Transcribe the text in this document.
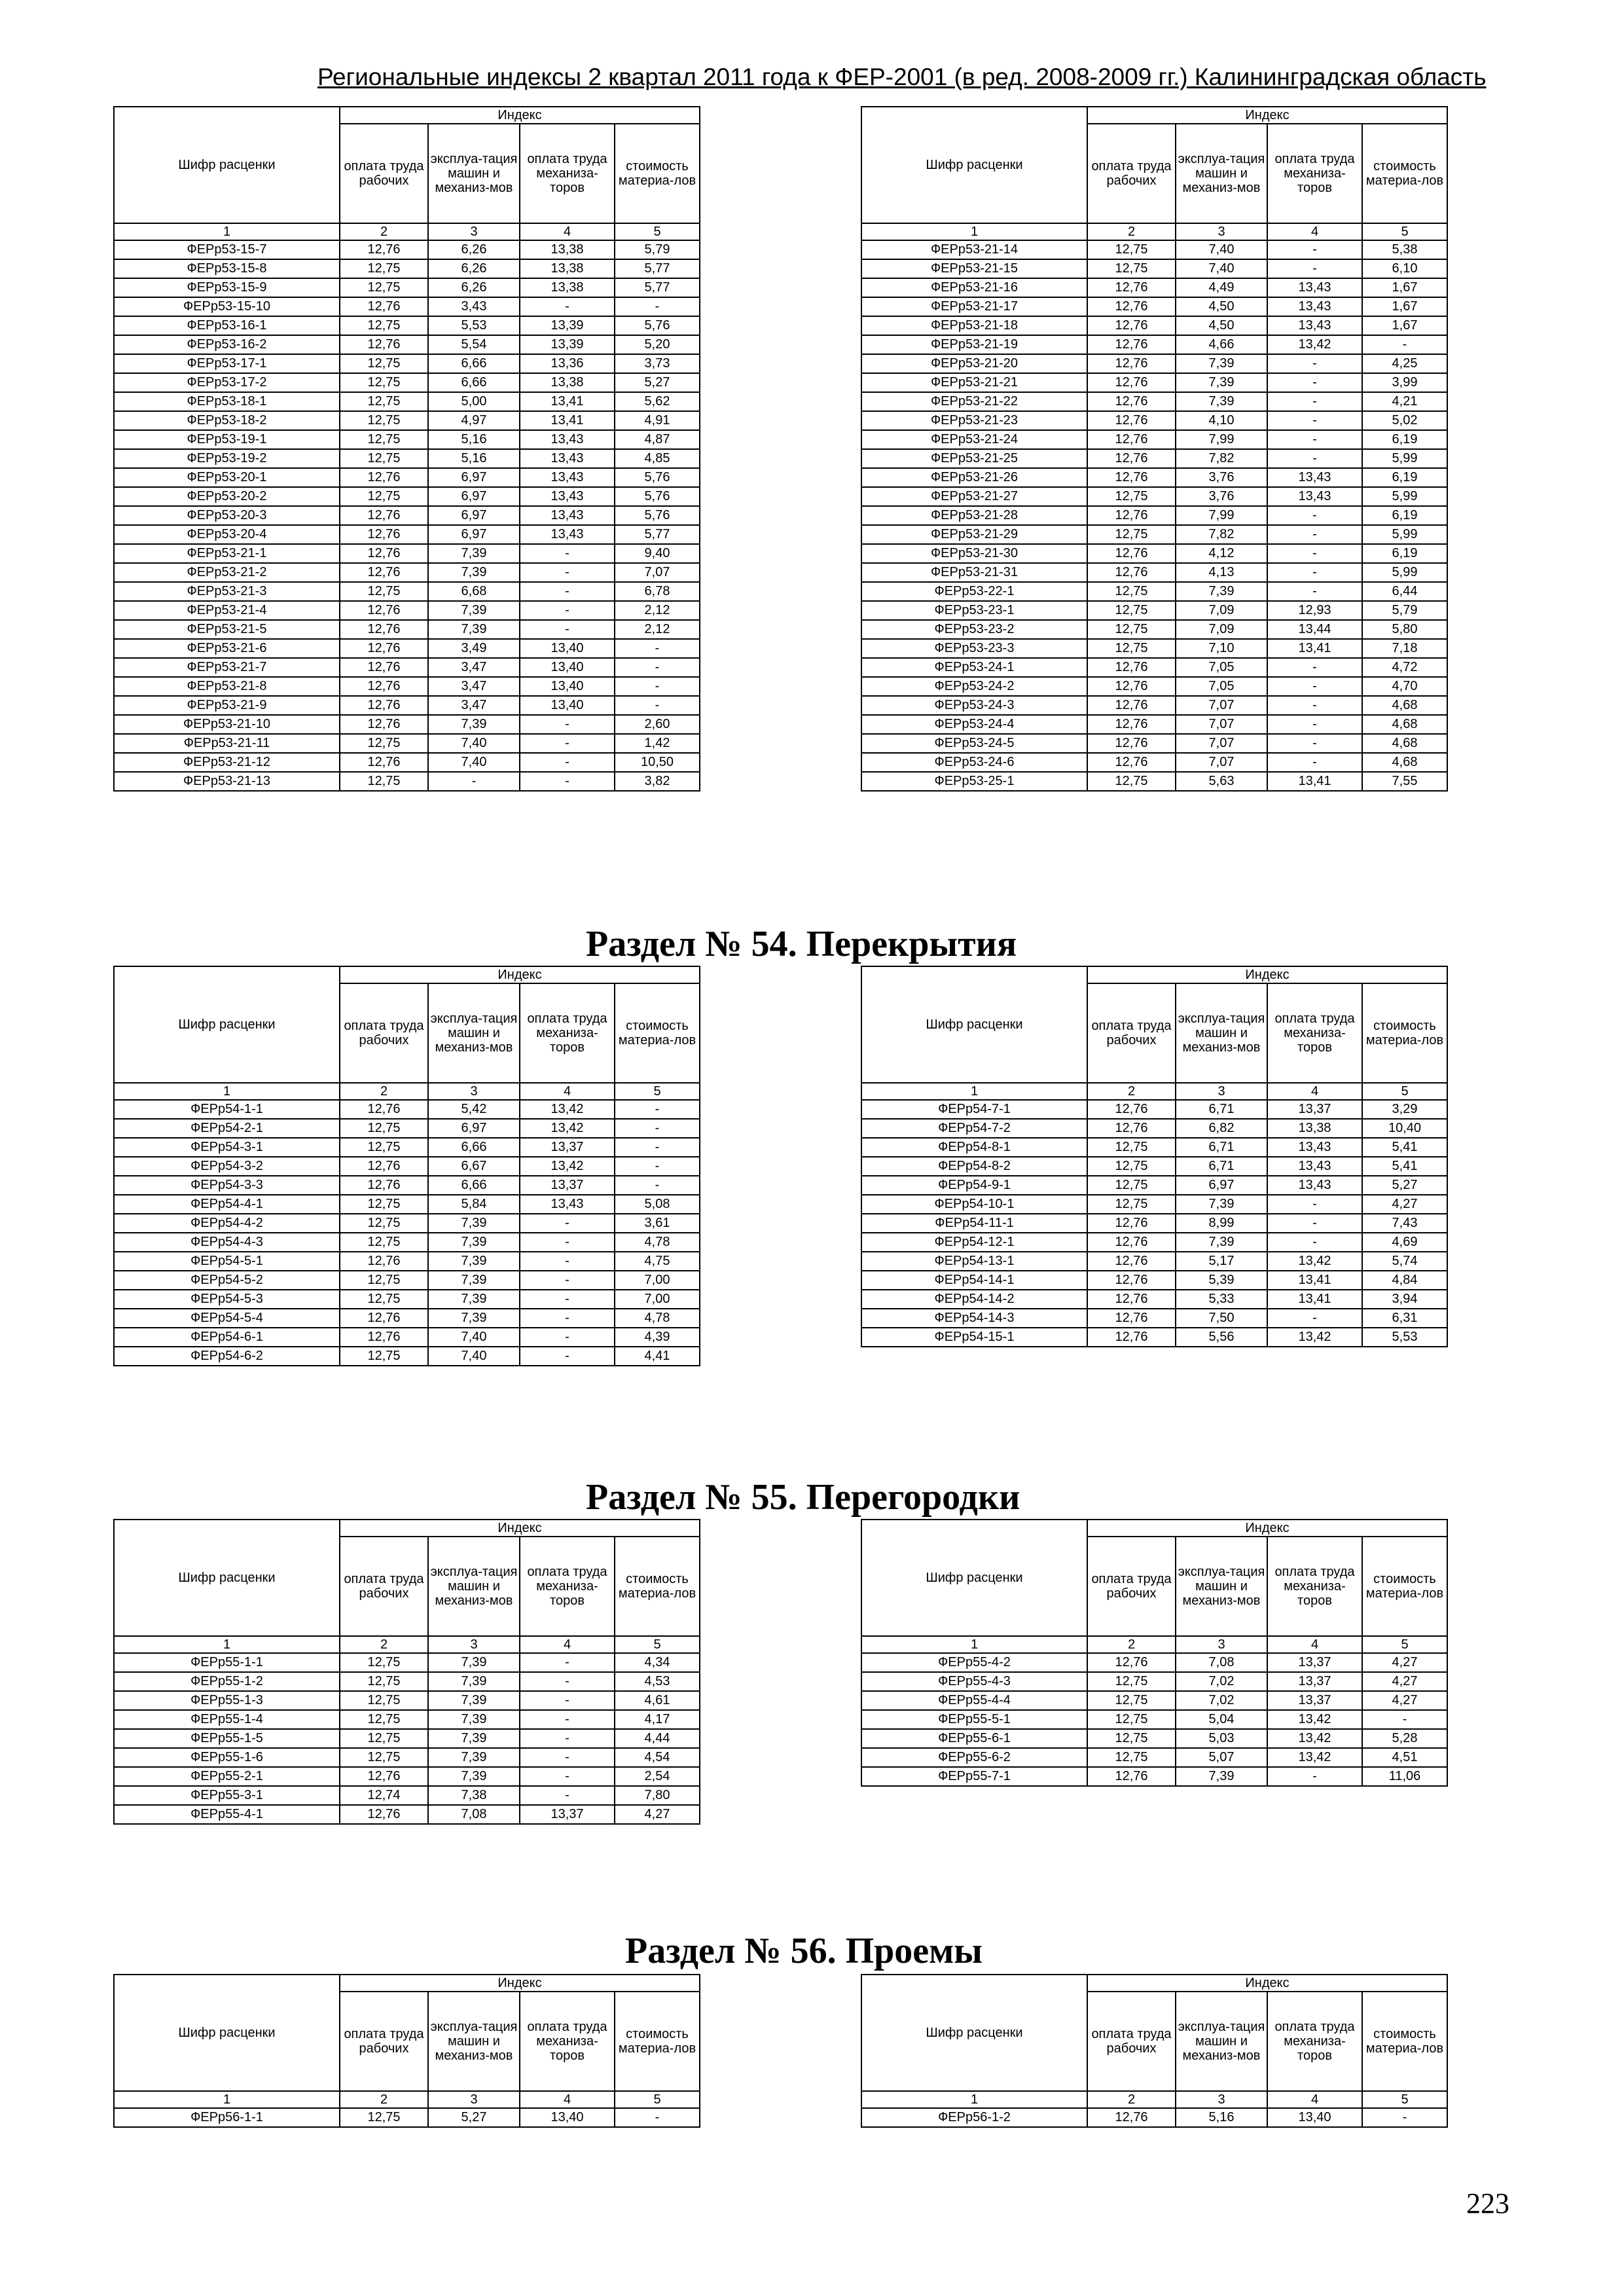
Региональные индексы 2 квартал 2011 года к ФЕР-2001 (в ред. 2008-2009 гг.) Калининградская область
Раздел № 54. Перекрытия
Раздел № 55. Перегородки
Раздел № 56. Проемы
Шифр расценки	Индекс			
	оплата труда рабочих	эксплуа-тация машин и механиз-мов	оплата труда механиза-торов	стоимость материа-лов
1	2	3	4	5
ФЕРр53-15-7	12,76	6,26	13,38	5,79
ФЕРр53-15-8	12,75	6,26	13,38	5,77
ФЕРр53-15-9	12,75	6,26	13,38	5,77
ФЕРр53-15-10	12,76	3,43	-	-
ФЕРр53-16-1	12,75	5,53	13,39	5,76
ФЕРр53-16-2	12,76	5,54	13,39	5,20
ФЕРр53-17-1	12,75	6,66	13,36	3,73
ФЕРр53-17-2	12,75	6,66	13,38	5,27
ФЕРр53-18-1	12,75	5,00	13,41	5,62
ФЕРр53-18-2	12,75	4,97	13,41	4,91
ФЕРр53-19-1	12,75	5,16	13,43	4,87
ФЕРр53-19-2	12,75	5,16	13,43	4,85
ФЕРр53-20-1	12,76	6,97	13,43	5,76
ФЕРр53-20-2	12,75	6,97	13,43	5,76
ФЕРр53-20-3	12,76	6,97	13,43	5,76
ФЕРр53-20-4	12,76	6,97	13,43	5,77
ФЕРр53-21-1	12,76	7,39	-	9,40
ФЕРр53-21-2	12,76	7,39	-	7,07
ФЕРр53-21-3	12,75	6,68	-	6,78
ФЕРр53-21-4	12,76	7,39	-	2,12
ФЕРр53-21-5	12,76	7,39	-	2,12
ФЕРр53-21-6	12,76	3,49	13,40	-
ФЕРр53-21-7	12,76	3,47	13,40	-
ФЕРр53-21-8	12,76	3,47	13,40	-
ФЕРр53-21-9	12,76	3,47	13,40	-
ФЕРр53-21-10	12,76	7,39	-	2,60
ФЕРр53-21-11	12,75	7,40	-	1,42
ФЕРр53-21-12	12,76	7,40	-	10,50
ФЕРр53-21-13	12,75	-	-	3,82
Шифр расценки	Индекс			
	оплата труда рабочих	эксплуа-тация машин и механиз-мов	оплата труда механиза-торов	стоимость материа-лов
1	2	3	4	5
ФЕРр53-21-14	12,75	7,40	-	5,38
ФЕРр53-21-15	12,75	7,40	-	6,10
ФЕРр53-21-16	12,76	4,49	13,43	1,67
ФЕРр53-21-17	12,76	4,50	13,43	1,67
ФЕРр53-21-18	12,76	4,50	13,43	1,67
ФЕРр53-21-19	12,76	4,66	13,42	-
ФЕРр53-21-20	12,76	7,39	-	4,25
ФЕРр53-21-21	12,76	7,39	-	3,99
ФЕРр53-21-22	12,76	7,39	-	4,21
ФЕРр53-21-23	12,76	4,10	-	5,02
ФЕРр53-21-24	12,76	7,99	-	6,19
ФЕРр53-21-25	12,76	7,82	-	5,99
ФЕРр53-21-26	12,76	3,76	13,43	6,19
ФЕРр53-21-27	12,75	3,76	13,43	5,99
ФЕРр53-21-28	12,76	7,99	-	6,19
ФЕРр53-21-29	12,75	7,82	-	5,99
ФЕРр53-21-30	12,76	4,12	-	6,19
ФЕРр53-21-31	12,76	4,13	-	5,99
ФЕРр53-22-1	12,75	7,39	-	6,44
ФЕРр53-23-1	12,75	7,09	12,93	5,79
ФЕРр53-23-2	12,75	7,09	13,44	5,80
ФЕРр53-23-3	12,75	7,10	13,41	7,18
ФЕРр53-24-1	12,76	7,05	-	4,72
ФЕРр53-24-2	12,76	7,05	-	4,70
ФЕРр53-24-3	12,76	7,07	-	4,68
ФЕРр53-24-4	12,76	7,07	-	4,68
ФЕРр53-24-5	12,76	7,07	-	4,68
ФЕРр53-24-6	12,76	7,07	-	4,68
ФЕРр53-25-1	12,75	5,63	13,41	7,55
Шифр расценки	Индекс			
	оплата труда рабочих	эксплуа-тация машин и механиз-мов	оплата труда механиза-торов	стоимость материа-лов
1	2	3	4	5
ФЕРр54-1-1	12,76	5,42	13,42	-
ФЕРр54-2-1	12,75	6,97	13,42	-
ФЕРр54-3-1	12,75	6,66	13,37	-
ФЕРр54-3-2	12,76	6,67	13,42	-
ФЕРр54-3-3	12,76	6,66	13,37	-
ФЕРр54-4-1	12,75	5,84	13,43	5,08
ФЕРр54-4-2	12,75	7,39	-	3,61
ФЕРр54-4-3	12,75	7,39	-	4,78
ФЕРр54-5-1	12,76	7,39	-	4,75
ФЕРр54-5-2	12,75	7,39	-	7,00
ФЕРр54-5-3	12,75	7,39	-	7,00
ФЕРр54-5-4	12,76	7,39	-	4,78
ФЕРр54-6-1	12,76	7,40	-	4,39
ФЕРр54-6-2	12,75	7,40	-	4,41
Шифр расценки	Индекс			
	оплата труда рабочих	эксплуа-тация машин и механиз-мов	оплата труда механиза-торов	стоимость материа-лов
1	2	3	4	5
ФЕРр54-7-1	12,76	6,71	13,37	3,29
ФЕРр54-7-2	12,76	6,82	13,38	10,40
ФЕРр54-8-1	12,75	6,71	13,43	5,41
ФЕРр54-8-2	12,75	6,71	13,43	5,41
ФЕРр54-9-1	12,75	6,97	13,43	5,27
ФЕРр54-10-1	12,75	7,39	-	4,27
ФЕРр54-11-1	12,76	8,99	-	7,43
ФЕРр54-12-1	12,76	7,39	-	4,69
ФЕРр54-13-1	12,76	5,17	13,42	5,74
ФЕРр54-14-1	12,76	5,39	13,41	4,84
ФЕРр54-14-2	12,76	5,33	13,41	3,94
ФЕРр54-14-3	12,76	7,50	-	6,31
ФЕРр54-15-1	12,76	5,56	13,42	5,53
Шифр расценки	Индекс			
	оплата труда рабочих	эксплуа-тация машин и механиз-мов	оплата труда механиза-торов	стоимость материа-лов
1	2	3	4	5
ФЕРр55-1-1	12,75	7,39	-	4,34
ФЕРр55-1-2	12,75	7,39	-	4,53
ФЕРр55-1-3	12,75	7,39	-	4,61
ФЕРр55-1-4	12,75	7,39	-	4,17
ФЕРр55-1-5	12,75	7,39	-	4,44
ФЕРр55-1-6	12,75	7,39	-	4,54
ФЕРр55-2-1	12,76	7,39	-	2,54
ФЕРр55-3-1	12,74	7,38	-	7,80
ФЕРр55-4-1	12,76	7,08	13,37	4,27
Шифр расценки	Индекс			
	оплата труда рабочих	эксплуа-тация машин и механиз-мов	оплата труда механиза-торов	стоимость материа-лов
1	2	3	4	5
ФЕРр55-4-2	12,76	7,08	13,37	4,27
ФЕРр55-4-3	12,75	7,02	13,37	4,27
ФЕРр55-4-4	12,75	7,02	13,37	4,27
ФЕРр55-5-1	12,75	5,04	13,42	-
ФЕРр55-6-1	12,75	5,03	13,42	5,28
ФЕРр55-6-2	12,75	5,07	13,42	4,51
ФЕРр55-7-1	12,76	7,39	-	11,06
Шифр расценки	Индекс			
	оплата труда рабочих	эксплуа-тация машин и механиз-мов	оплата труда механиза-торов	стоимость материа-лов
1	2	3	4	5
ФЕРр56-1-1	12,75	5,27	13,40	-
Шифр расценки	Индекс			
	оплата труда рабочих	эксплуа-тация машин и механиз-мов	оплата труда механиза-торов	стоимость материа-лов
1	2	3	4	5
ФЕРр56-1-2	12,76	5,16	13,40	-
223
